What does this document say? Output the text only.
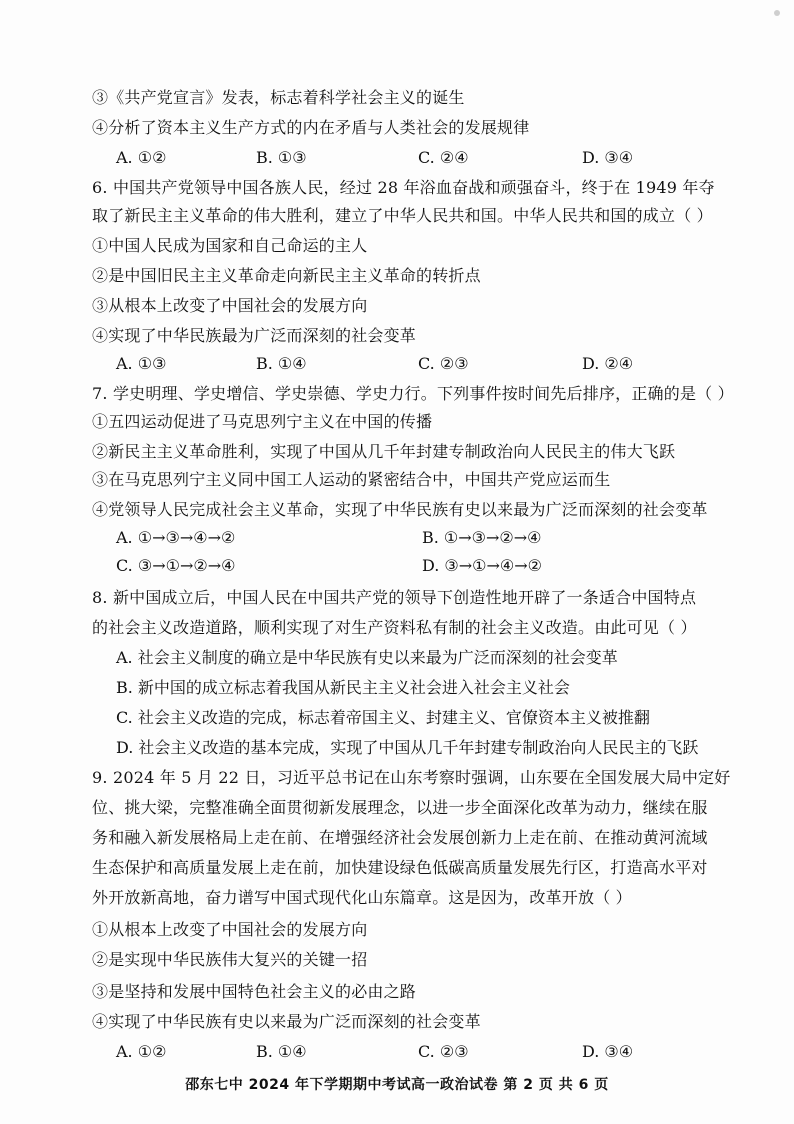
③《共产党宣言》发表，标志着科学社会主义的诞生
④分析了资本主义生产方式的内在矛盾与人类社会的发展规律
A. ①②	B. ①③	C. ②④	D. ③④
6. 中国共产党领导中国各族人民，经过 28 年浴血奋战和顽强奋斗，终于在 1949 年夺
取了新民主主义革命的伟大胜利，建立了中华人民共和国。中华人民共和国的成立（ ）
①中国人民成为国家和自己命运的主人
②是中国旧民主主义革命走向新民主主义革命的转折点
③从根本上改变了中国社会的发展方向
④实现了中华民族最为广泛而深刻的社会变革
A. ①③	B. ①④	C. ②③	D. ②④
7. 学史明理、学史增信、学史崇德、学史力行。下列事件按时间先后排序，正确的是（ ）
①五四运动促进了马克思列宁主义在中国的传播
②新民主主义革命胜利，实现了中国从几千年封建专制政治向人民民主的伟大飞跃
③在马克思列宁主义同中国工人运动的紧密结合中，中国共产党应运而生
④党领导人民完成社会主义革命，实现了中华民族有史以来最为广泛而深刻的社会变革
A. ①→③→④→②	B. ①→③→②→④
C. ③→①→②→④	D. ③→①→④→②
8. 新中国成立后，中国人民在中国共产党的领导下创造性地开辟了一条适合中国特点
的社会主义改造道路，顺利实现了对生产资料私有制的社会主义改造。由此可见（ ）
A. 社会主义制度的确立是中华民族有史以来最为广泛而深刻的社会变革
B. 新中国的成立标志着我国从新民主主义社会进入社会主义社会
C. 社会主义改造的完成，标志着帝国主义、封建主义、官僚资本主义被推翻
D. 社会主义改造的基本完成，实现了中国从几千年封建专制政治向人民民主的飞跃
9. 2024 年 5 月 22 日，习近平总书记在山东考察时强调，山东要在全国发展大局中定好
位、挑大梁，完整准确全面贯彻新发展理念，以进一步全面深化改革为动力，继续在服
务和融入新发展格局上走在前、在增强经济社会发展创新力上走在前、在推动黄河流域
生态保护和高质量发展上走在前，加快建设绿色低碳高质量发展先行区，打造高水平对
外开放新高地，奋力谱写中国式现代化山东篇章。这是因为，改革开放（ ）
①从根本上改变了中国社会的发展方向
②是实现中华民族伟大复兴的关键一招
③是坚持和发展中国特色社会主义的必由之路
④实现了中华民族有史以来最为广泛而深刻的社会变革
A. ①②	B. ①④	C. ②③	D. ③④
邵东七中 2024 年下学期期中考试高一政治试卷 第 2 页 共 6 页
